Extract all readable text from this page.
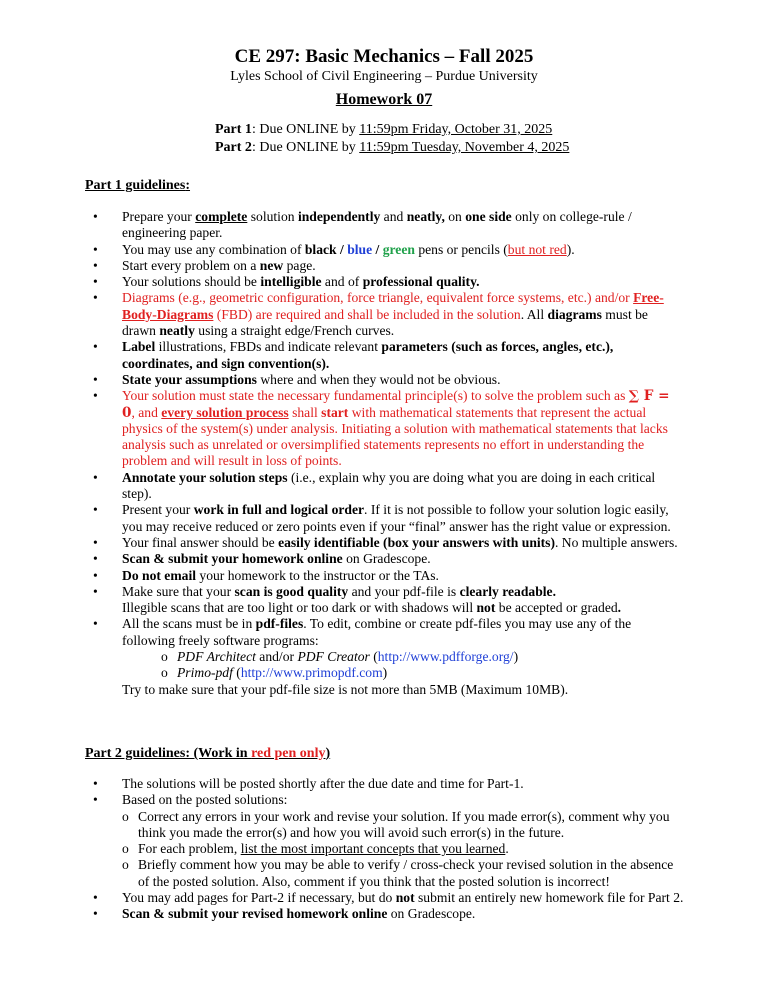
CE 297: Basic Mechanics – Fall 2025
Lyles School of Civil Engineering – Purdue University
Homework 07
Part 1: Due ONLINE by 11:59pm Friday, October 31, 2025
Part 2: Due ONLINE by 11:59pm Tuesday, November 4, 2025
Part 1 guidelines:
• Prepare your complete solution independently and neatly, on one side only on college-rule / engineering paper.
• You may use any combination of black / blue / green pens or pencils (but not red).
• Start every problem on a new page.
• Your solutions should be intelligible and of professional quality.
• Diagrams (e.g., geometric configuration, force triangle, equivalent force systems, etc.) and/or Free-Body-Diagrams (FBD) are required and shall be included in the solution. All diagrams must be drawn neatly using a straight edge/French curves.
• Label illustrations, FBDs and indicate relevant parameters (such as forces, angles, etc.), coordinates, and sign convention(s).
• State your assumptions where and when they would not be obvious.
• Your solution must state the necessary fundamental principle(s) to solve the problem such as ∑ F = 0, and every solution process shall start with mathematical statements that represent the actual physics of the system(s) under analysis. Initiating a solution with mathematical statements that lacks analysis such as unrelated or oversimplified statements represents no effort in understanding the problem and will result in loss of points.
• Annotate your solution steps (i.e., explain why you are doing what you are doing in each critical step).
• Present your work in full and logical order. If it is not possible to follow your solution logic easily, you may receive reduced or zero points even if your “final” answer has the right value or expression.
• Your final answer should be easily identifiable (box your answers with units). No multiple answers.
• Scan & submit your homework online on Gradescope.
• Do not email your homework to the instructor or the TAs.
• Make sure that your scan is good quality and your pdf-file is clearly readable.
Illegible scans that are too light or too dark or with shadows will not be accepted or graded.
• All the scans must be in pdf-files. To edit, combine or create pdf-files you may use any of the following freely software programs:
o PDF Architect and/or PDF Creator (http://www.pdfforge.org/)
o Primo-pdf (http://www.primopdf.com)
Try to make sure that your pdf-file size is not more than 5MB (Maximum 10MB).
Part 2 guidelines: (Work in red pen only)
• The solutions will be posted shortly after the due date and time for Part-1.
• Based on the posted solutions:
o Correct any errors in your work and revise your solution. If you made error(s), comment why you think you made the error(s) and how you will avoid such error(s) in the future.
o For each problem, list the most important concepts that you learned.
o Briefly comment how you may be able to verify / cross-check your revised solution in the absence of the posted solution. Also, comment if you think that the posted solution is incorrect!
• You may add pages for Part-2 if necessary, but do not submit an entirely new homework file for Part 2.
• Scan & submit your revised homework online on Gradescope.
